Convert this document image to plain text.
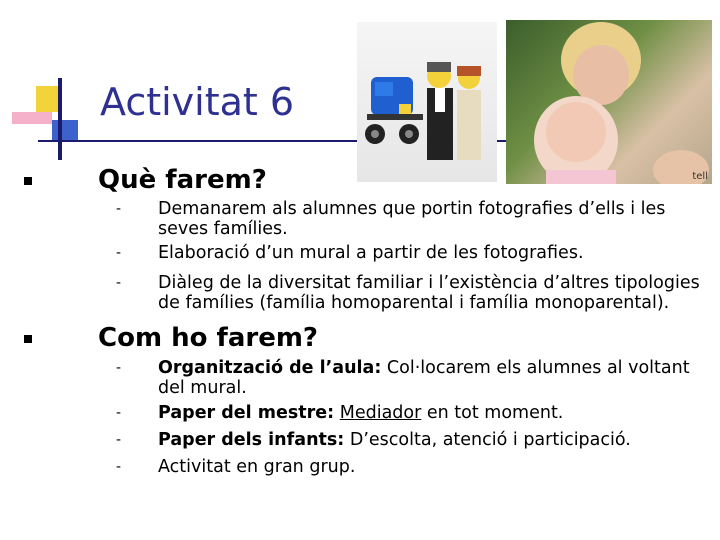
Activitat 6
tell
Què farem?
- Demanarem als alumnes que portin fotografies d’ells i les seves famílies.
- Elaboració d’un mural a partir de les fotografies.
- Diàleg de la diversitat familiar i l’existència d’altres tipologies de famílies (família homoparental i família monoparental).
Com ho farem?
- Organització de l’aula: Col·locarem els alumnes al voltant del mural.
- Paper del mestre: Mediador en tot moment.
- Paper dels infants: D’escolta, atenció i participació.
- Activitat en gran grup.
